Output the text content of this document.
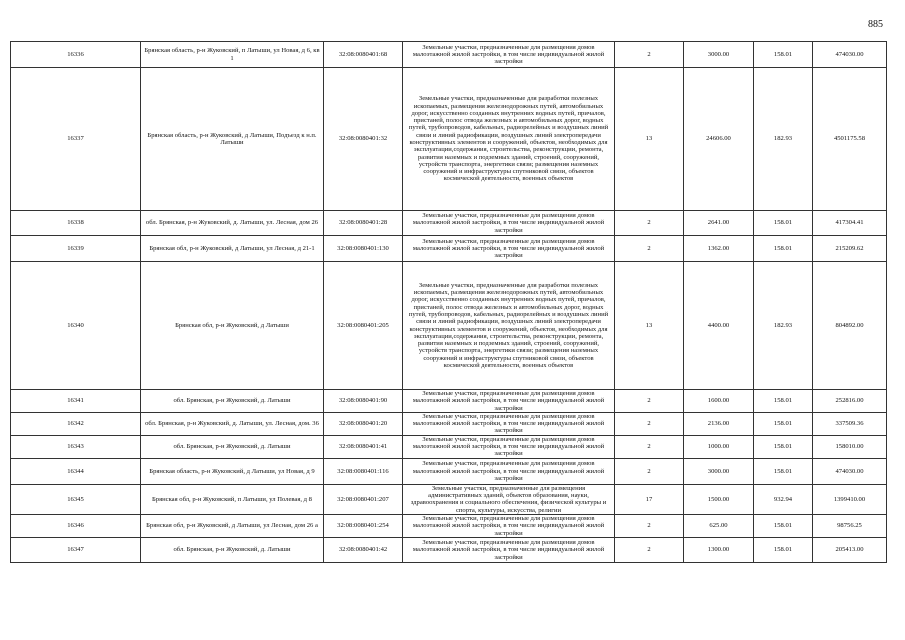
885
16336	Брянская область, р-н Жуковский, п Латыши, ул Новая, д 6, кв 1	32:08:0080401:68	Земельные участки, предназначенные для размещения домов малоэтажной жилой застройки, в том числе индивидуальной жилой застройки	2	3000.00	158.01	474030.00
16337	Брянская область, р-н Жуковский, д Латыши, Подъезд к н.п. Латыши	32:08:0080401:32	Земельные участки, предназначенные для разработки полезных ископаемых, размещения железнодорожных путей, автомобильных дорог, искусственно созданных внутренних водных путей, причалов, пристаней, полос отвода железных и автомобильных дорог, водных путей, трубопроводов, кабельных, радиорелейных и воздушных линий связи и линий радиофикации, воздушных линий электропередачи конструктивных элементов и сооружений, объектов, необходимых для эксплуатации,содержания, строительства, реконструкции, ремонта, развития наземных и подземных зданий, строений, сооружений, устройств транспорта, энергетики связи; размещения наземных сооружений и инфраструктуры спутниковой связи, объектов космической деятельности, военных объектов	13	24606.00	182.93	4501175.58
16338	обл. Брянская, р-н Жуковский, д. Латыши, ул. Лесная, дом 26	32:08:0080401:28	Земельные участки, предназначенные для размещения домов малоэтажной жилой застройки, в том числе индивидуальной жилой застройки	2	2641.00	158.01	417304.41
16339	Брянская обл, р-н Жуковский, д Латыши, ул Лесная, д 21-1	32:08:0080401:130	Земельные участки, предназначенные для размещения домов малоэтажной жилой застройки, в том числе индивидуальной жилой застройки	2	1362.00	158.01	215209.62
16340	Брянская обл, р-н Жуковский, д Латыши	32:08:0080401:205	Земельные участки, предназначенные для разработки полезных ископаемых, размещения железнодорожных путей, автомобильных дорог, искусственно созданных внутренних водных путей, причалов, пристаней, полос отвода железных и автомобильных дорог, водных путей, трубопроводов, кабельных, радиорелейных и воздушных линий связи и линий радиофикации, воздушных линий электропередачи конструктивных элементов и сооружений, объектов, необходимых для эксплуатации,содержания, строительства, реконструкции, ремонта, развития наземных и подземных зданий, строений, сооружений, устройств транспорта, энергетики связи; размещения наземных сооружений и инфраструктуры спутниковой связи, объектов космической деятельности, военных объектов	13	4400.00	182.93	804892.00
16341	обл. Брянская, р-н Жуковский, д. Латыши	32:08:0080401:90	Земельные участки, предназначенные для размещения домов малоэтажной жилой застройки, в том числе индивидуальной жилой застройки	2	1600.00	158.01	252816.00
16342	обл. Брянская, р-н Жуковский, д. Латыши, ул. Лесная, дом. 36	32:08:0080401:20	Земельные участки, предназначенные для размещения домов малоэтажной жилой застройки, в том числе индивидуальной жилой застройки	2	2136.00	158.01	337509.36
16343	обл. Брянская, р-н Жуковский, д. Латыши	32:08:0080401:41	Земельные участки, предназначенные для размещения домов малоэтажной жилой застройки, в том числе индивидуальной жилой застройки	2	1000.00	158.01	158010.00
16344	Брянская область, р-н Жуковский, д Латыши, ул Новая, д 9	32:08:0080401:116	Земельные участки, предназначенные для размещения домов малоэтажной жилой застройки, в том числе индивидуальной жилой застройки	2	3000.00	158.01	474030.00
16345	Брянская обл, р-н Жуковский, п Латыши, ул Полевая, д 8	32:08:0080401:207	Земельные участки, предназначенные для размещения административных зданий, объектов образования, науки, здравоохранения и социального обеспечения, физической культуры и спорта, культуры, искусства, религии	17	1500.00	932.94	1399410.00
16346	Брянская обл, р-н Жуковский, д Латыши, ул Лесная, дом 26 а	32:08:0080401:254	Земельные участки, предназначенные для размещения домов малоэтажной жилой застройки, в том числе индивидуальной жилой застройки	2	625.00	158.01	98756.25
16347	обл. Брянская, р-н Жуковский, д. Латыши	32:08:0080401:42	Земельные участки, предназначенные для размещения домов малоэтажной жилой застройки, в том числе индивидуальной жилой застройки	2	1300.00	158.01	205413.00
